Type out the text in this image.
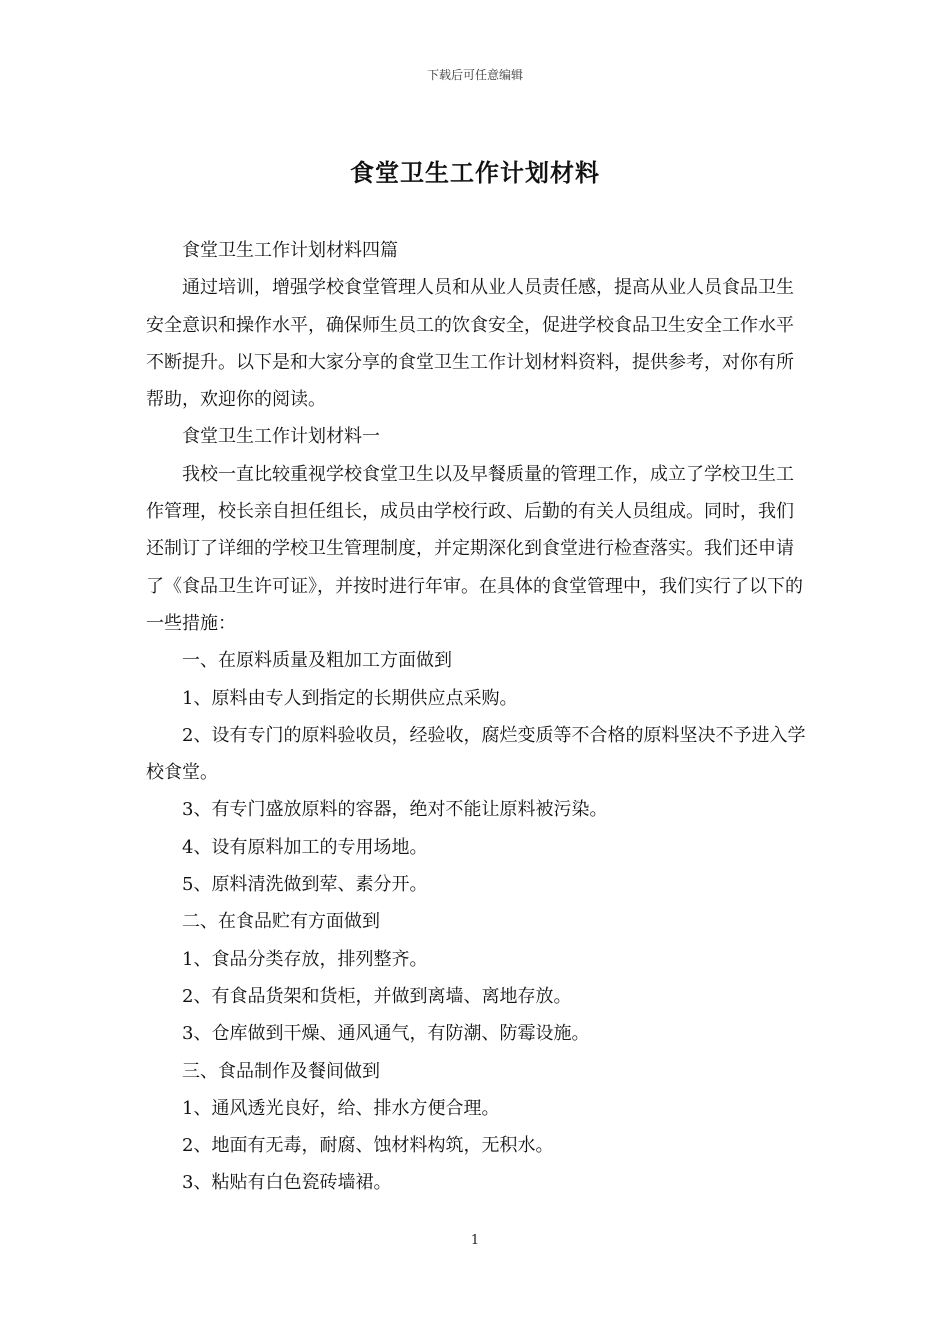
下载后可任意编辑
食堂卫生工作计划材料

食堂卫生工作计划材料四篇

通过培训，增强学校食堂管理人员和从业人员责任感，提高从业人员食品卫生安全意识和操作水平，确保师生员工的饮食安全，促进学校食品卫生安全工作水平不断提升。以下是和大家分享的食堂卫生工作计划材料资料，提供参考，对你有所帮助，欢迎你的阅读。

食堂卫生工作计划材料一

我校一直比较重视学校食堂卫生以及早餐质量的管理工作，成立了学校卫生工作管理，校长亲自担任组长，成员由学校行政、后勤的有关人员组成。同时，我们还制订了详细的学校卫生管理制度，并定期深化到食堂进行检查落实。我们还申请了《食品卫生许可证》，并按时进行年审。在具体的食堂管理中，我们实行了以下的一些措施：

一、在原料质量及粗加工方面做到

1、原料由专人到指定的长期供应点采购。

2、设有专门的原料验收员，经验收，腐烂变质等不合格的原料坚决不予进入学校食堂。

3、有专门盛放原料的容器，绝对不能让原料被污染。

4、设有原料加工的专用场地。

5、原料清洗做到荤、素分开。

二、在食品贮有方面做到

1、食品分类存放，排列整齐。

2、有食品货架和货柜，并做到离墙、离地存放。

3、仓库做到干燥、通风通气，有防潮、防霉设施。

三、食品制作及餐间做到

1、通风透光良好，给、排水方便合理。

2、地面有无毒，耐腐、蚀材料构筑，无积水。

3、粘贴有白色瓷砖墙裙。

1
